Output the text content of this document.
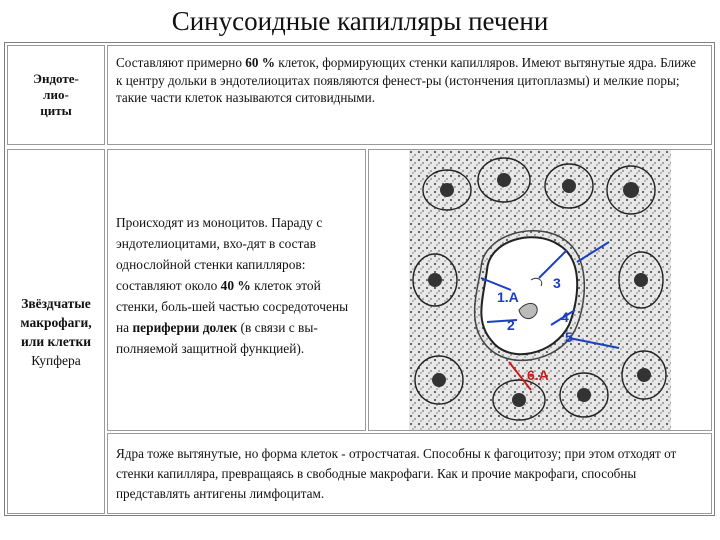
Синусоидные капилляры печени
Эндоте-
лио-
циты
Составляют примерно 60 % клеток, формирующих стенки капилляров. Имеют вытянутые ядра. Ближе к центру дольки в эндотелиоцитах появляются фенест-ры (истончения цитоплазмы) и мелкие поры; такие части клеток называются ситовидными.
Звёздчатые
макрофаги,
или клетки
Купфера
Происходят из моноцитов. Параду с эндотелиоцитами, вхо-дят в состав однослойной стенки капилляров: составляют около 40 % клеток этой стенки, боль-шей частью сосредоточены на периферии долек (в связи с вы-полняемой защитной функцией).
1.А
2
3
4
5
6.А
Ядра тоже вытянутые, но форма клеток - отростчатая. Способны к фагоцитозу; при этом отходят от стенки капилляра, превращаясь в свободные макрофаги. Как и прочие макрофаги, способны представлять антигены лимфоцитам.
